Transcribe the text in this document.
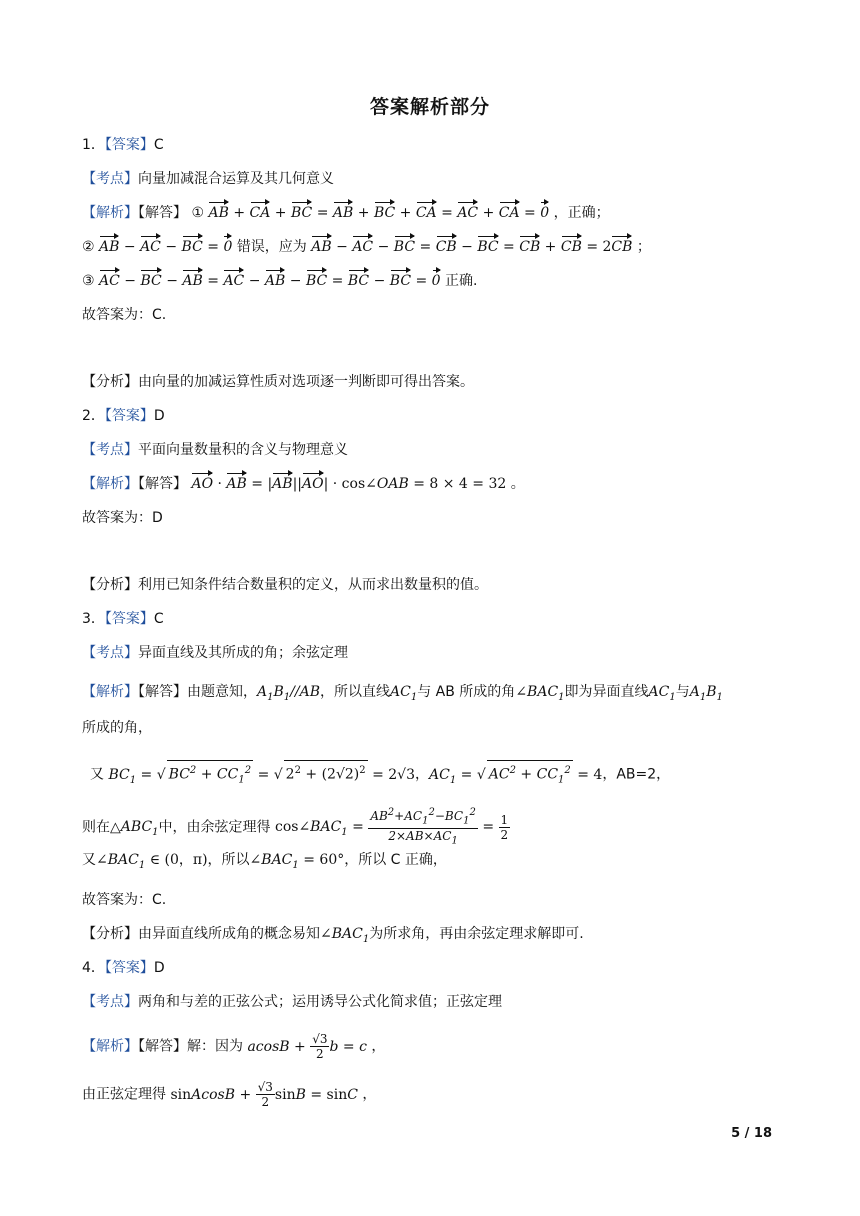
答案解析部分
1．【答案】C
【考点】向量加减混合运算及其几何意义
【解析】【解答】 ① AB + CA + BC = AB + BC + CA = AC + CA = 0 ，正确；
② AB − AC − BC = 0 错误，应为 AB − AC − BC = CB − BC = CB + CB = 2CB ；
③ AC − BC − AB = AC − AB − BC = BC − BC = 0 正确.
故答案为：C.
【分析】由向量的加减运算性质对选项逐一判断即可得出答案。
2．【答案】D
【考点】平面向量数量积的含义与物理意义
【解析】【解答】 AO · AB = |AB||AO| · cos∠OAB = 8 × 4 = 32 。
故答案为：D
【分析】利用已知条件结合数量积的定义，从而求出数量积的值。
3．【答案】C
【考点】异面直线及其所成的角；余弦定理
【解析】【解答】由题意知，$A_1B_1//AB$，所以直线$AC_1$与 AB 所成的角$\angle BAC_1$即为异面直线$AC_1$与$A_1B_1$
所成的角，
又 $BC_1$ = √ $BC^2 + CC_1^2$ = √ $2^2 + (2√2)^2 = 2√3$，$AC_1$ = √ $AC^2 + CC_1^2 = 4$，AB=2，
则在$\triangle ABC_1$中，由余弦定理得 $\cos\angle BAC_1 = \frac{AB^2+AC_1^2-BC_1^2}{2\times AB\times AC_1} = \frac{1}{2}$
又$\angle BAC_1$ ∈ (0，π)，所以$\angle BAC_1 = 60^\circ$，所以 C 正确，
故答案为：C.
【分析】由异面直线所成角的概念易知$\angle BAC_1$为所求角，再由余弦定理求解即可.
4．【答案】D
【考点】两角和与差的正弦公式；运用诱导公式化简求值；正弦定理
【解析】【解答】解：因为 $acosB + \frac{√3}{2}$ b = c ，
由正弦定理得 sinAcosB + $\frac{√3}{2}$ sinB = sinC ，
5 / 18
